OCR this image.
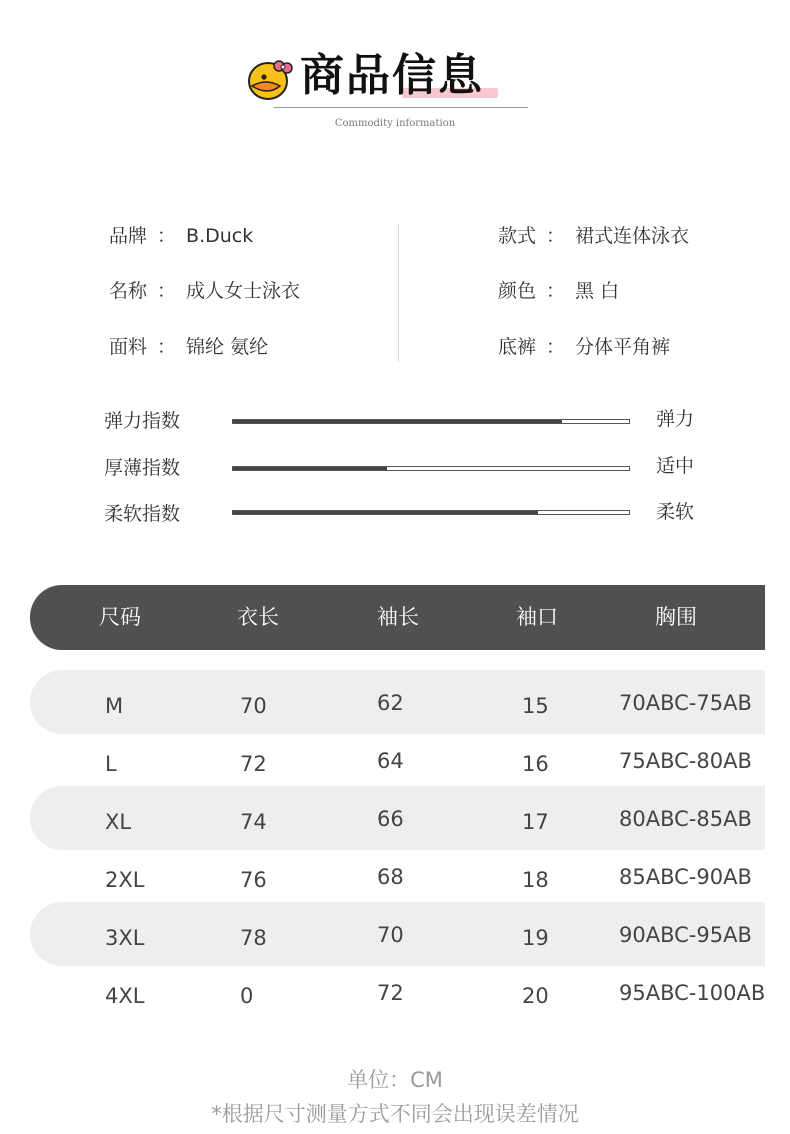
商品信息
Commodity information
品牌 ： B.Duck
名称 ： 成人女士泳衣
面料 ： 锦纶 氨纶
款式 ： 裙式连体泳衣
颜色 ： 黑 白
底裤 ： 分体平角裤
弹力指数	弹力
厚薄指数	适中
柔软指数	柔软
尺码	衣长	袖长	袖口	胸围
M	70	62	15	70ABC-75AB
L	72	64	16	75ABC-80AB
XL	74	66	17	80ABC-85AB
2XL	76	68	18	85ABC-90AB
3XL	78	70	19	90ABC-95AB
4XL	0	72	20	95ABC-100AB
单位：CM
*根据尺寸测量方式不同会出现误差情况
